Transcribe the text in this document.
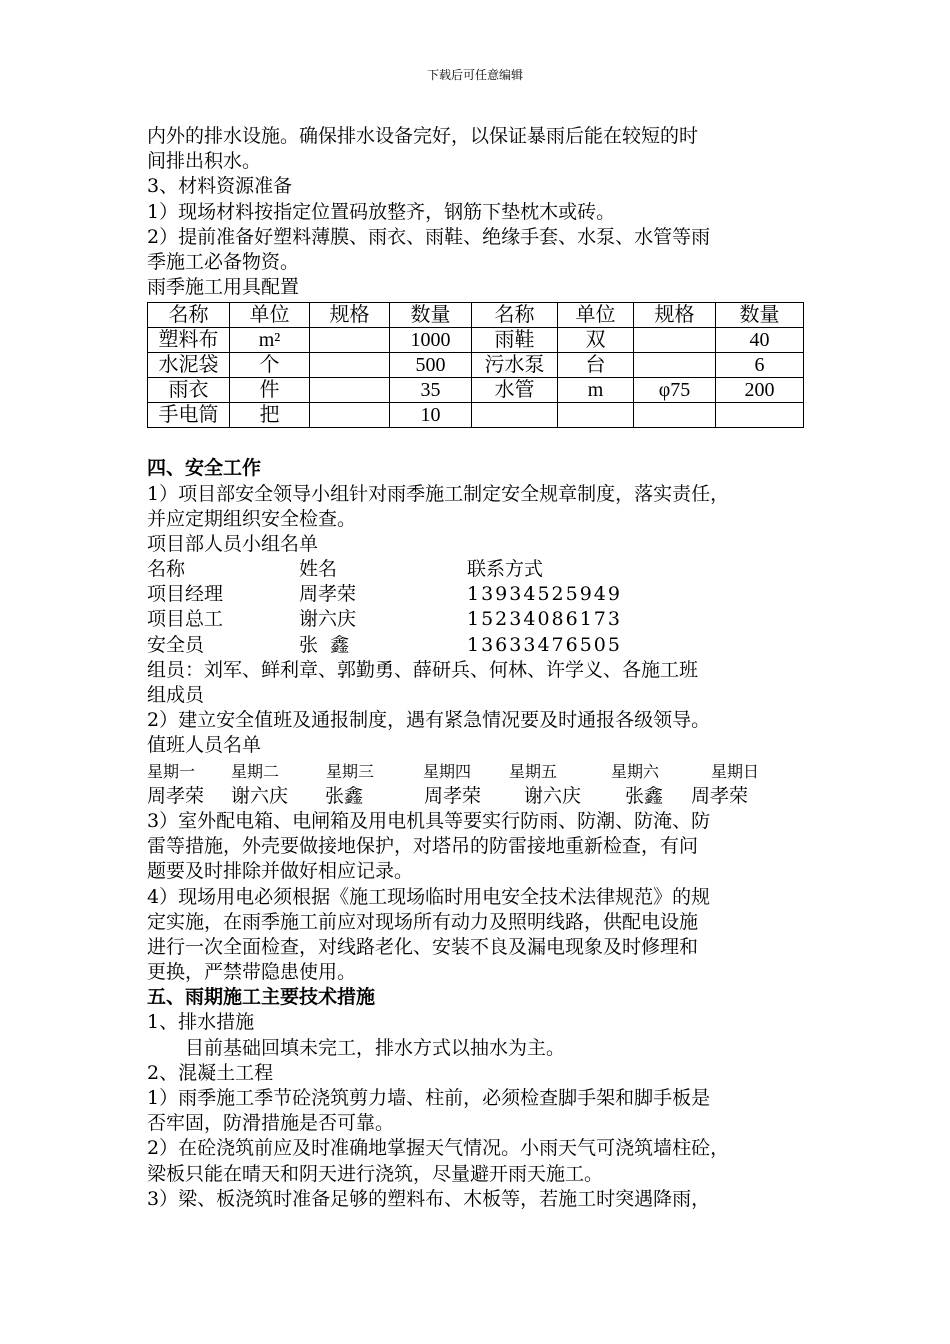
下载后可任意编辑
内外的排水设施。确保排水设备完好，以保证暴雨后能在较短的时
间排出积水。
3、材料资源准备
1）现场材料按指定位置码放整齐，钢筋下垫枕木或砖。
2）提前准备好塑料薄膜、雨衣、雨鞋、绝缘手套、水泵、水管等雨
季施工必备物资。
雨季施工用具配置
名称	单位	规格	数量	名称	单位	规格	数量
塑料布	m²		1000	雨鞋	双		40
水泥袋	个		500	污水泵	台		6
雨衣	件		35	水管	m	φ75	200
手电筒	把		10				
四、安全工作
1）项目部安全领导小组针对雨季施工制定安全规章制度，落实责任，
并应定期组织安全检查。
项目部人员小组名单
名称	姓名	联系方式
项目经理	周孝荣	13934525949
项目总工	谢六庆	15234086173
安全员	张  鑫	13633476505
组员：刘军、鲜利章、郭勤勇、薛研兵、何林、许学义、各施工班
组成员
2）建立安全值班及通报制度，遇有紧急情况要及时通报各级领导。
值班人员名单
星期一	星期二	星期三	星期四	星期五	星期六	星期日
周孝荣	谢六庆	张鑫	周孝荣	谢六庆	张鑫	周孝荣
3）室外配电箱、电闸箱及用电机具等要实行防雨、防潮、防淹、防
雷等措施，外壳要做接地保护，对塔吊的防雷接地重新检查，有问
题要及时排除并做好相应记录。
4）现场用电必须根据《施工现场临时用电安全技术法律规范》的规
定实施，在雨季施工前应对现场所有动力及照明线路，供配电设施
进行一次全面检查，对线路老化、安装不良及漏电现象及时修理和
更换，严禁带隐患使用。
五、雨期施工主要技术措施
1、排水措施
目前基础回填未完工，排水方式以抽水为主。
2、混凝土工程
1）雨季施工季节砼浇筑剪力墙、柱前，必须检查脚手架和脚手板是
否牢固，防滑措施是否可靠。
2）在砼浇筑前应及时准确地掌握天气情况。小雨天气可浇筑墙柱砼，
梁板只能在晴天和阴天进行浇筑，尽量避开雨天施工。
3）梁、板浇筑时准备足够的塑料布、木板等，若施工时突遇降雨，
